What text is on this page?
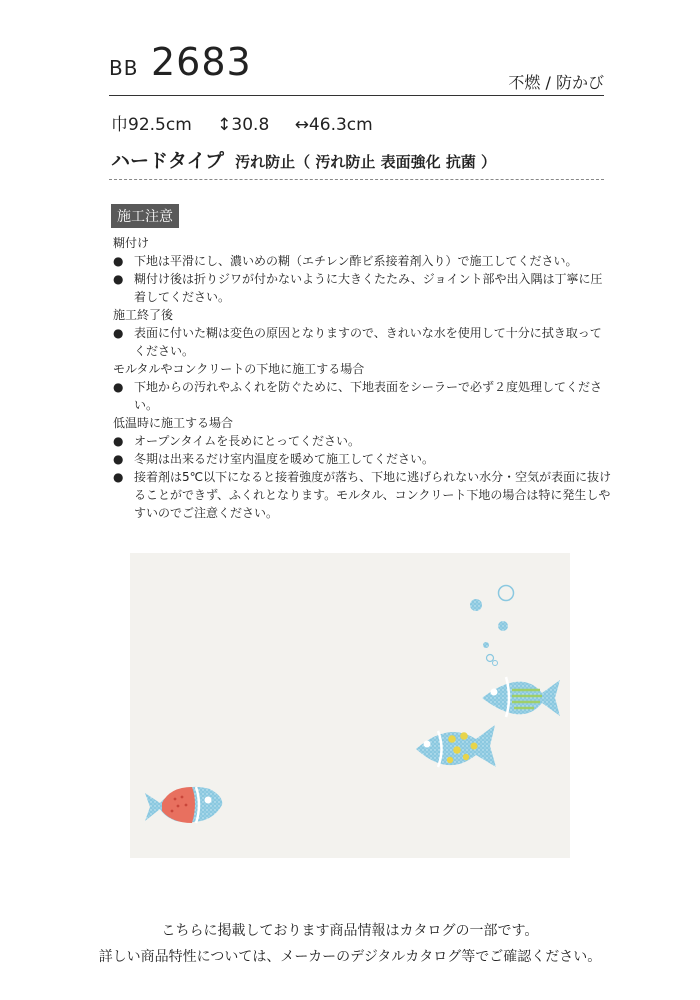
BB 2683	不燃 / 防かび
巾92.5cm ↕30.8 ↔46.3cm
ハードタイプ 汚れ防止（ 汚れ防止 表面強化 抗菌 ）
施工注意
糊付け
● 下地は平滑にし、濃いめの糊（エチレン酢ビ系接着剤入り）で施工してください。
● 糊付け後は折りジワが付かないように大きくたたみ、ジョイント部や出入隅は丁寧に圧着してください。
施工終了後
● 表面に付いた糊は変色の原因となりますので、きれいな水を使用して十分に拭き取ってください。
モルタルやコンクリートの下地に施工する場合
● 下地からの汚れやふくれを防ぐために、下地表面をシーラーで必ず２度処理してください。
低温時に施工する場合
● オープンタイムを長めにとってください。
● 冬期は出来るだけ室内温度を暖めて施工してください。
● 接着剤は5℃以下になると接着強度が落ち、下地に逃げられない水分・空気が表面に抜けることができず、ふくれとなります。モルタル、コンクリート下地の場合は特に発生しやすいのでご注意ください。
こちらに掲載しております商品情報はカタログの一部です。
詳しい商品特性については、メーカーのデジタルカタログ等でご確認ください。
